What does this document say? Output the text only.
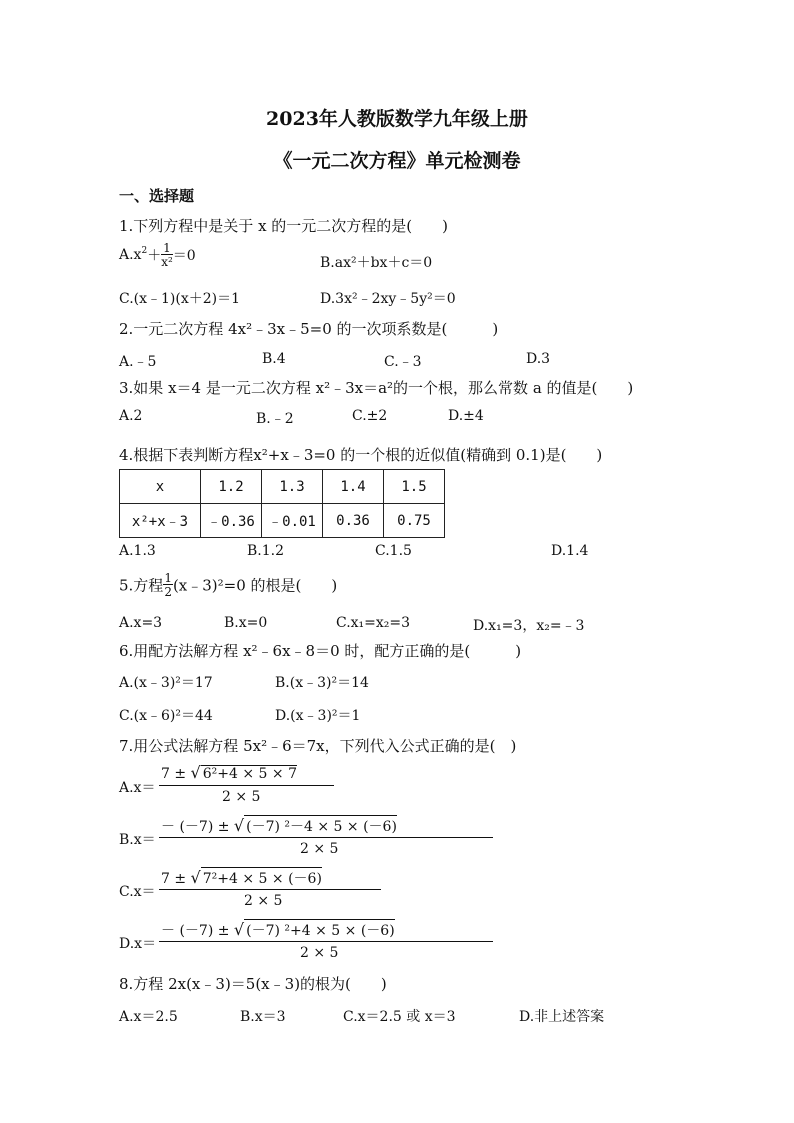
2023年人教版数学九年级上册
《一元二次方程》单元检测卷
一、选择题
1.下列方程中是关于 x 的一元二次方程的是(　　)
$A.x^2+ \frac{1}{\text{x²}} =0$	B.ax²＋bx＋c＝0
C.(x﹣1)(x＋2)＝1	D.3x²﹣2xy﹣5y²＝0
2.一元二次方程 4x²﹣3x﹣5=0 的一次项系数是(　　　)
A.﹣5	B.4	C.﹣3	D.3
3.如果 x＝4 是一元二次方程 x²﹣3x＝a²的一个根，那么常数 a 的值是(　　)
A.2	B.﹣2	C.±2	D.±4
4.根据下表判断方程x²+x﹣3=0 的一个根的近似值(精确到 0.1)是(　　)
x	1.2	1.3	1.4	1.5
x²+x﹣3	﹣0.36	﹣0.01	0.36	0.75
A.1.3	B.1.2	C.1.5	D.1.4
5.方程 $\frac{1}{2}$ (x﹣3)²=0 的根是(　　)
A.x=3	B.x=0	C.x₁=x₂=3	D.x₁=3，x₂=﹣3
6.用配方法解方程 x²﹣6x﹣8＝0 时，配方正确的是(　　　)
A.(x﹣3)²＝17	B.(x﹣3)²＝14
C.(x﹣6)²＝44	D.(x﹣3)²＝1
7.用公式法解方程 5x²﹣6＝7x，下列代入公式正确的是(　)
A.x＝
7 ± √ 6²+4 × 5 × 7
2 × 5
B.x＝
－ (－7) ± √ (－7) ²－4 × 5 × (－6)
2 × 5
C.x＝
7 ± √ 7²+4 × 5 × (－6)
2 × 5
D.x＝
－ (－7) ± √ (－7) ²+4 × 5 × (－6)
2 × 5
8.方程 2x(x﹣3)＝5(x﹣3)的根为(　　)
A.x＝2.5	B.x＝3	C.x＝2.5 或 x＝3	D.非上述答案
